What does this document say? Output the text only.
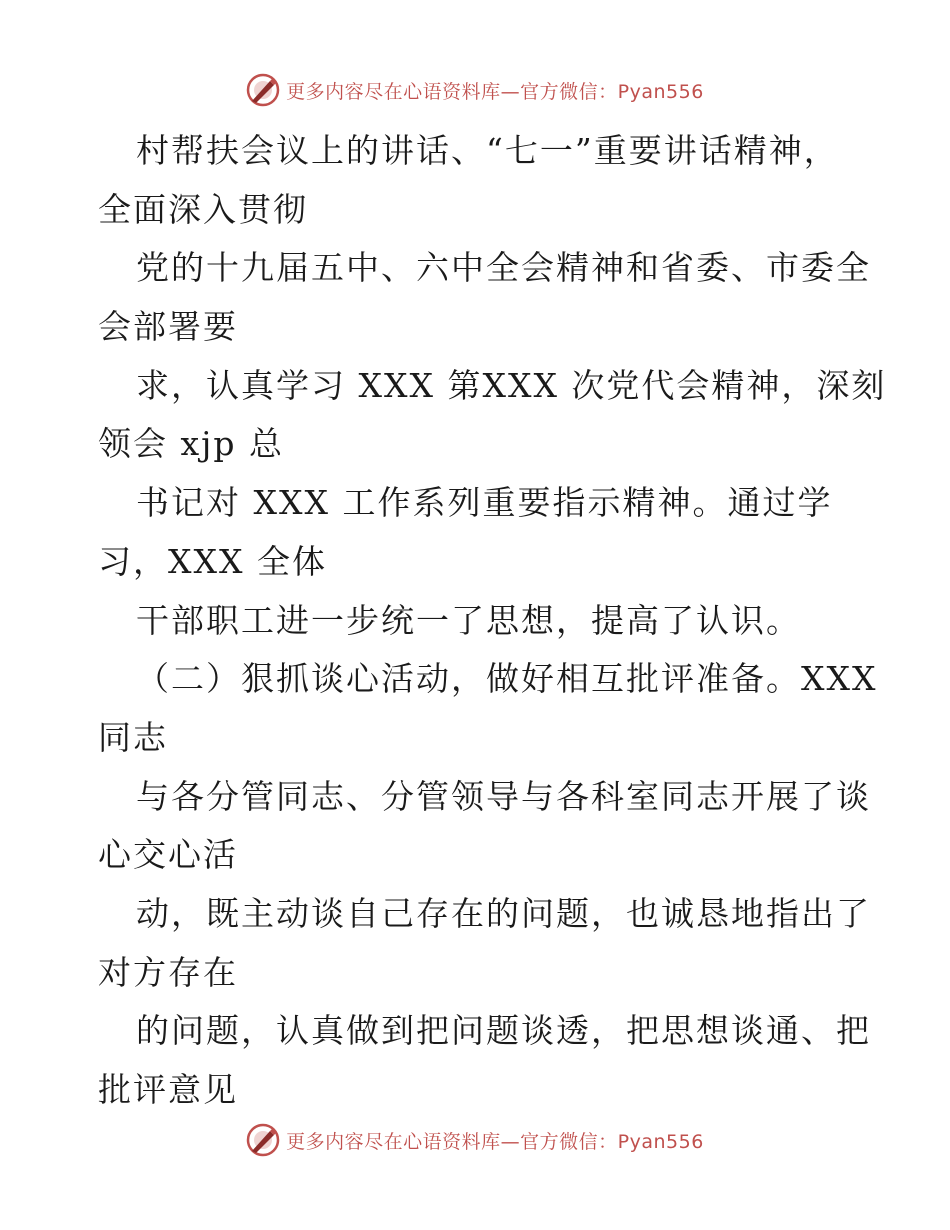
更多内容尽在心语资料库—官方微信：Pyan556
村帮扶会议上的讲话、“七一”重要讲话精神，
全面深入贯彻
党的十九届五中、六中全会精神和省委、市委全
会部署要
求，认真学习 XXX 第XXX 次党代会精神，深刻
领会 xjp 总
书记对 XXX 工作系列重要指示精神。通过学
习，XXX 全体
干部职工进一步统一了思想，提高了认识。
（二）狠抓谈心活动，做好相互批评准备。XXX
同志
与各分管同志、分管领导与各科室同志开展了谈
心交心活
动，既主动谈自己存在的问题，也诚恳地指出了
对方存在
的问题，认真做到把问题谈透，把思想谈通、把
批评意见
更多内容尽在心语资料库—官方微信：Pyan556
